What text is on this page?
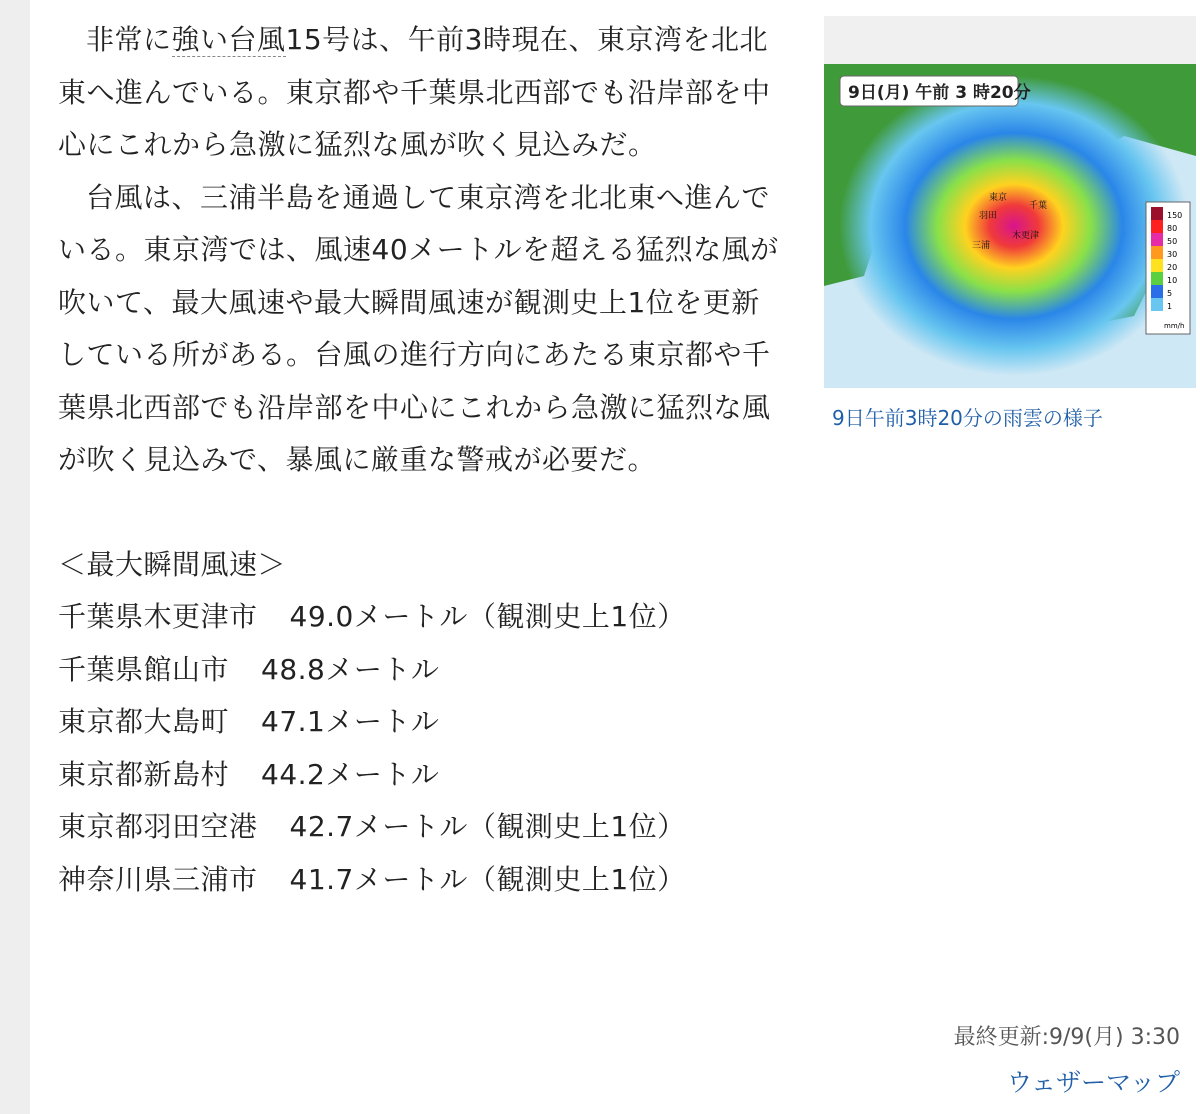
9日(月) 午前 3 時20分
東京
千葉
羽田
木更津
三浦
150
80
50
30
20
10
5
1
mm/h
9日午前3時20分の雨雲の様子

非常に強い台風15号は、午前3時現在、東京湾を北北東へ進んでいる。東京都や千葉県北西部でも沿岸部を中心にこれから急激に猛烈な風が吹く見込みだ。

台風は、三浦半島を通過して東京湾を北北東へ進んでいる。東京湾では、風速40メートルを超える猛烈な風が吹いて、最大風速や最大瞬間風速が観測史上1位を更新している所がある。台風の進行方向にあたる東京都や千葉県北西部でも沿岸部を中心にこれから急激に猛烈な風が吹く見込みで、暴風に厳重な警戒が必要だ。

＜最大瞬間風速＞

千葉県木更津市 49.0メートル（観測史上1位）

千葉県館山市 48.8メートル

東京都大島町 47.1メートル

東京都新島村 44.2メートル

東京都羽田空港 42.7メートル（観測史上1位）

神奈川県三浦市 41.7メートル（観測史上1位）

最終更新:9/9(月) 3:30

ウェザーマップ
